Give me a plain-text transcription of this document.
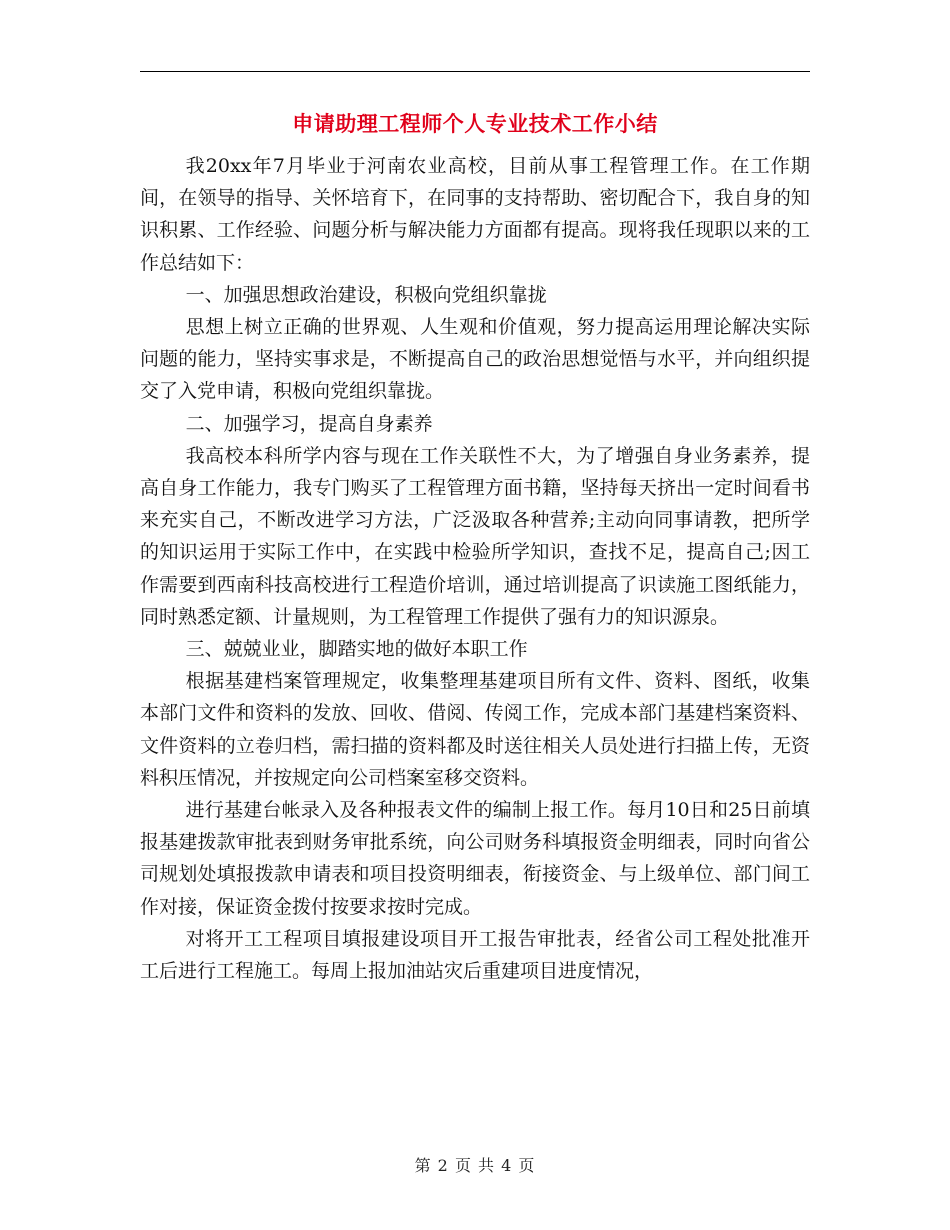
申请助理工程师个人专业技术工作小结

我20xx年7月毕业于河南农业高校，目前从事工程管理工作。在工作期间，在领导的指导、关怀培育下，在同事的支持帮助、密切配合下，我自身的知识积累、工作经验、问题分析与解决能力方面都有提高。现将我任现职以来的工作总结如下：

一、加强思想政治建设，积极向党组织靠拢

思想上树立正确的世界观、人生观和价值观，努力提高运用理论解决实际问题的能力，坚持实事求是，不断提高自己的政治思想觉悟与水平，并向组织提交了入党申请，积极向党组织靠拢。

二、加强学习，提高自身素养

我高校本科所学内容与现在工作关联性不大，为了增强自身业务素养，提高自身工作能力，我专门购买了工程管理方面书籍，坚持每天挤出一定时间看书来充实自己，不断改进学习方法，广泛汲取各种营养;主动向同事请教，把所学的知识运用于实际工作中，在实践中检验所学知识，查找不足，提高自己;因工作需要到西南科技高校进行工程造价培训，通过培训提高了识读施工图纸能力，同时熟悉定额、计量规则，为工程管理工作提供了强有力的知识源泉。

三、兢兢业业，脚踏实地的做好本职工作

根据基建档案管理规定，收集整理基建项目所有文件、资料、图纸，收集本部门文件和资料的发放、回收、借阅、传阅工作，完成本部门基建档案资料、文件资料的立卷归档，需扫描的资料都及时送往相关人员处进行扫描上传，无资料积压情况，并按规定向公司档案室移交资料。

进行基建台帐录入及各种报表文件的编制上报工作。每月10日和25日前填报基建拨款审批表到财务审批系统，向公司财务科填报资金明细表，同时向省公司规划处填报拨款申请表和项目投资明细表，衔接资金、与上级单位、部门间工作对接，保证资金拨付按要求按时完成。

对将开工工程项目填报建设项目开工报告审批表，经省公司工程处批准开工后进行工程施工。每周上报加油站灾后重建项目进度情况，

第 2 页 共 4 页
